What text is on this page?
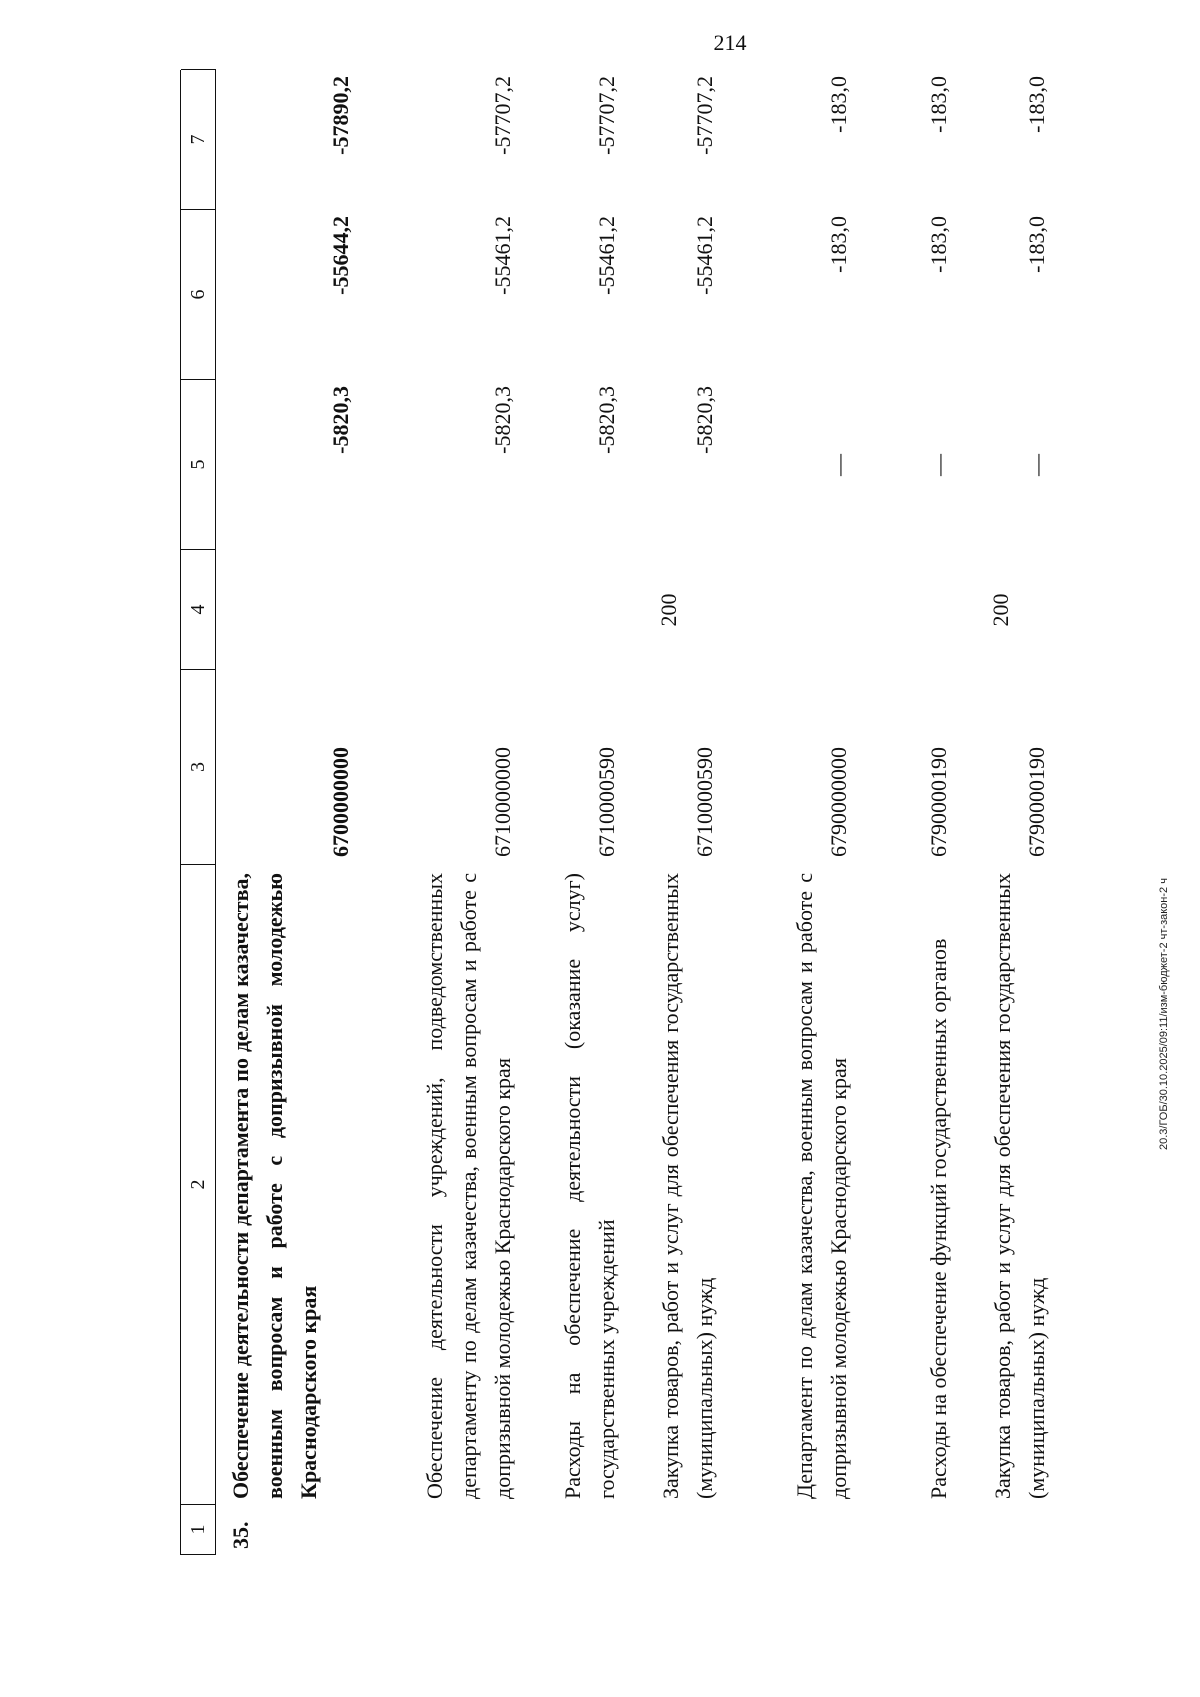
214
20.3/ГОБ/30.10.2025/09:11/изм-бюджет-2 чт-закон-2 ч
1
2
3
4
5
6
7
35.
Обеспечение деятельности департамента по делам казачества, военным вопросам и работе с допризывной молодежью Краснодарского края
6700000000
-5820,3
-55644,2
-57890,2
Обеспечение деятельности учреждений, подведомственных департаменту по делам казачества, военным вопросам и работе с допризывной молодежью Краснодарского края
6710000000
-5820,3
-55461,2
-57707,2
Расходы на обеспечение деятельности (оказание услуг) государственных учреждений
6710000590
-5820,3
-55461,2
-57707,2
Закупка товаров, работ и услуг для обеспечения государственных (муниципальных) нужд
6710000590
200
-5820,3
-55461,2
-57707,2
Департамент по делам казачества, военным вопросам и работе с допризывной молодежью Краснодарского края
6790000000
—
-183,0
-183,0
Расходы на обеспечение функций государственных органов
6790000190
—
-183,0
-183,0
Закупка товаров, работ и услуг для обеспечения государственных (муниципальных) нужд
6790000190
200
—
-183,0
-183,0
